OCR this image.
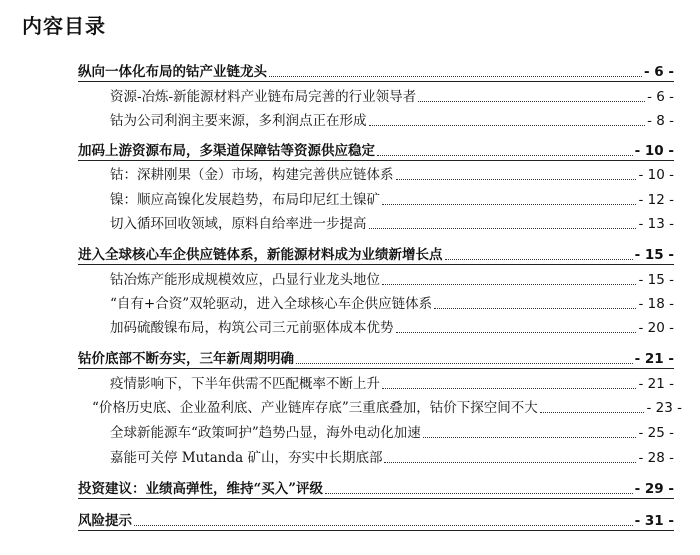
内容目录
纵向一体化布局的钴产业链龙头	- 6 -
资源-冶炼-新能源材料产业链布局完善的行业领导者	- 6 -
钴为公司利润主要来源，多利润点正在形成	- 8 -
加码上游资源布局，多渠道保障钴等资源供应稳定	- 10 -
钴：深耕刚果（金）市场，构建完善供应链体系	- 10 -
镍：顺应高镍化发展趋势，布局印尼红土镍矿	- 12 -
切入循环回收领域，原料自给率进一步提高	- 13 -
进入全球核心车企供应链体系，新能源材料成为业绩新增长点	- 15 -
钴冶炼产能形成规模效应，凸显行业龙头地位	- 15 -
“自有+合资”双轮驱动，进入全球核心车企供应链体系	- 18 -
加码硫酸镍布局，构筑公司三元前驱体成本优势	- 20 -
钴价底部不断夯实，三年新周期明确	- 21 -
疫情影响下，下半年供需不匹配概率不断上升	- 21 -
“价格历史底、企业盈利底、产业链库存底”三重底叠加，钴价下探空间不大	- 23 -
全球新能源车“政策呵护”趋势凸显，海外电动化加速	- 25 -
嘉能可关停 Mutanda 矿山，夯实中长期底部	- 28 -
投资建议：业绩高弹性，维持“买入”评级	- 29 -
风险提示	- 31 -
